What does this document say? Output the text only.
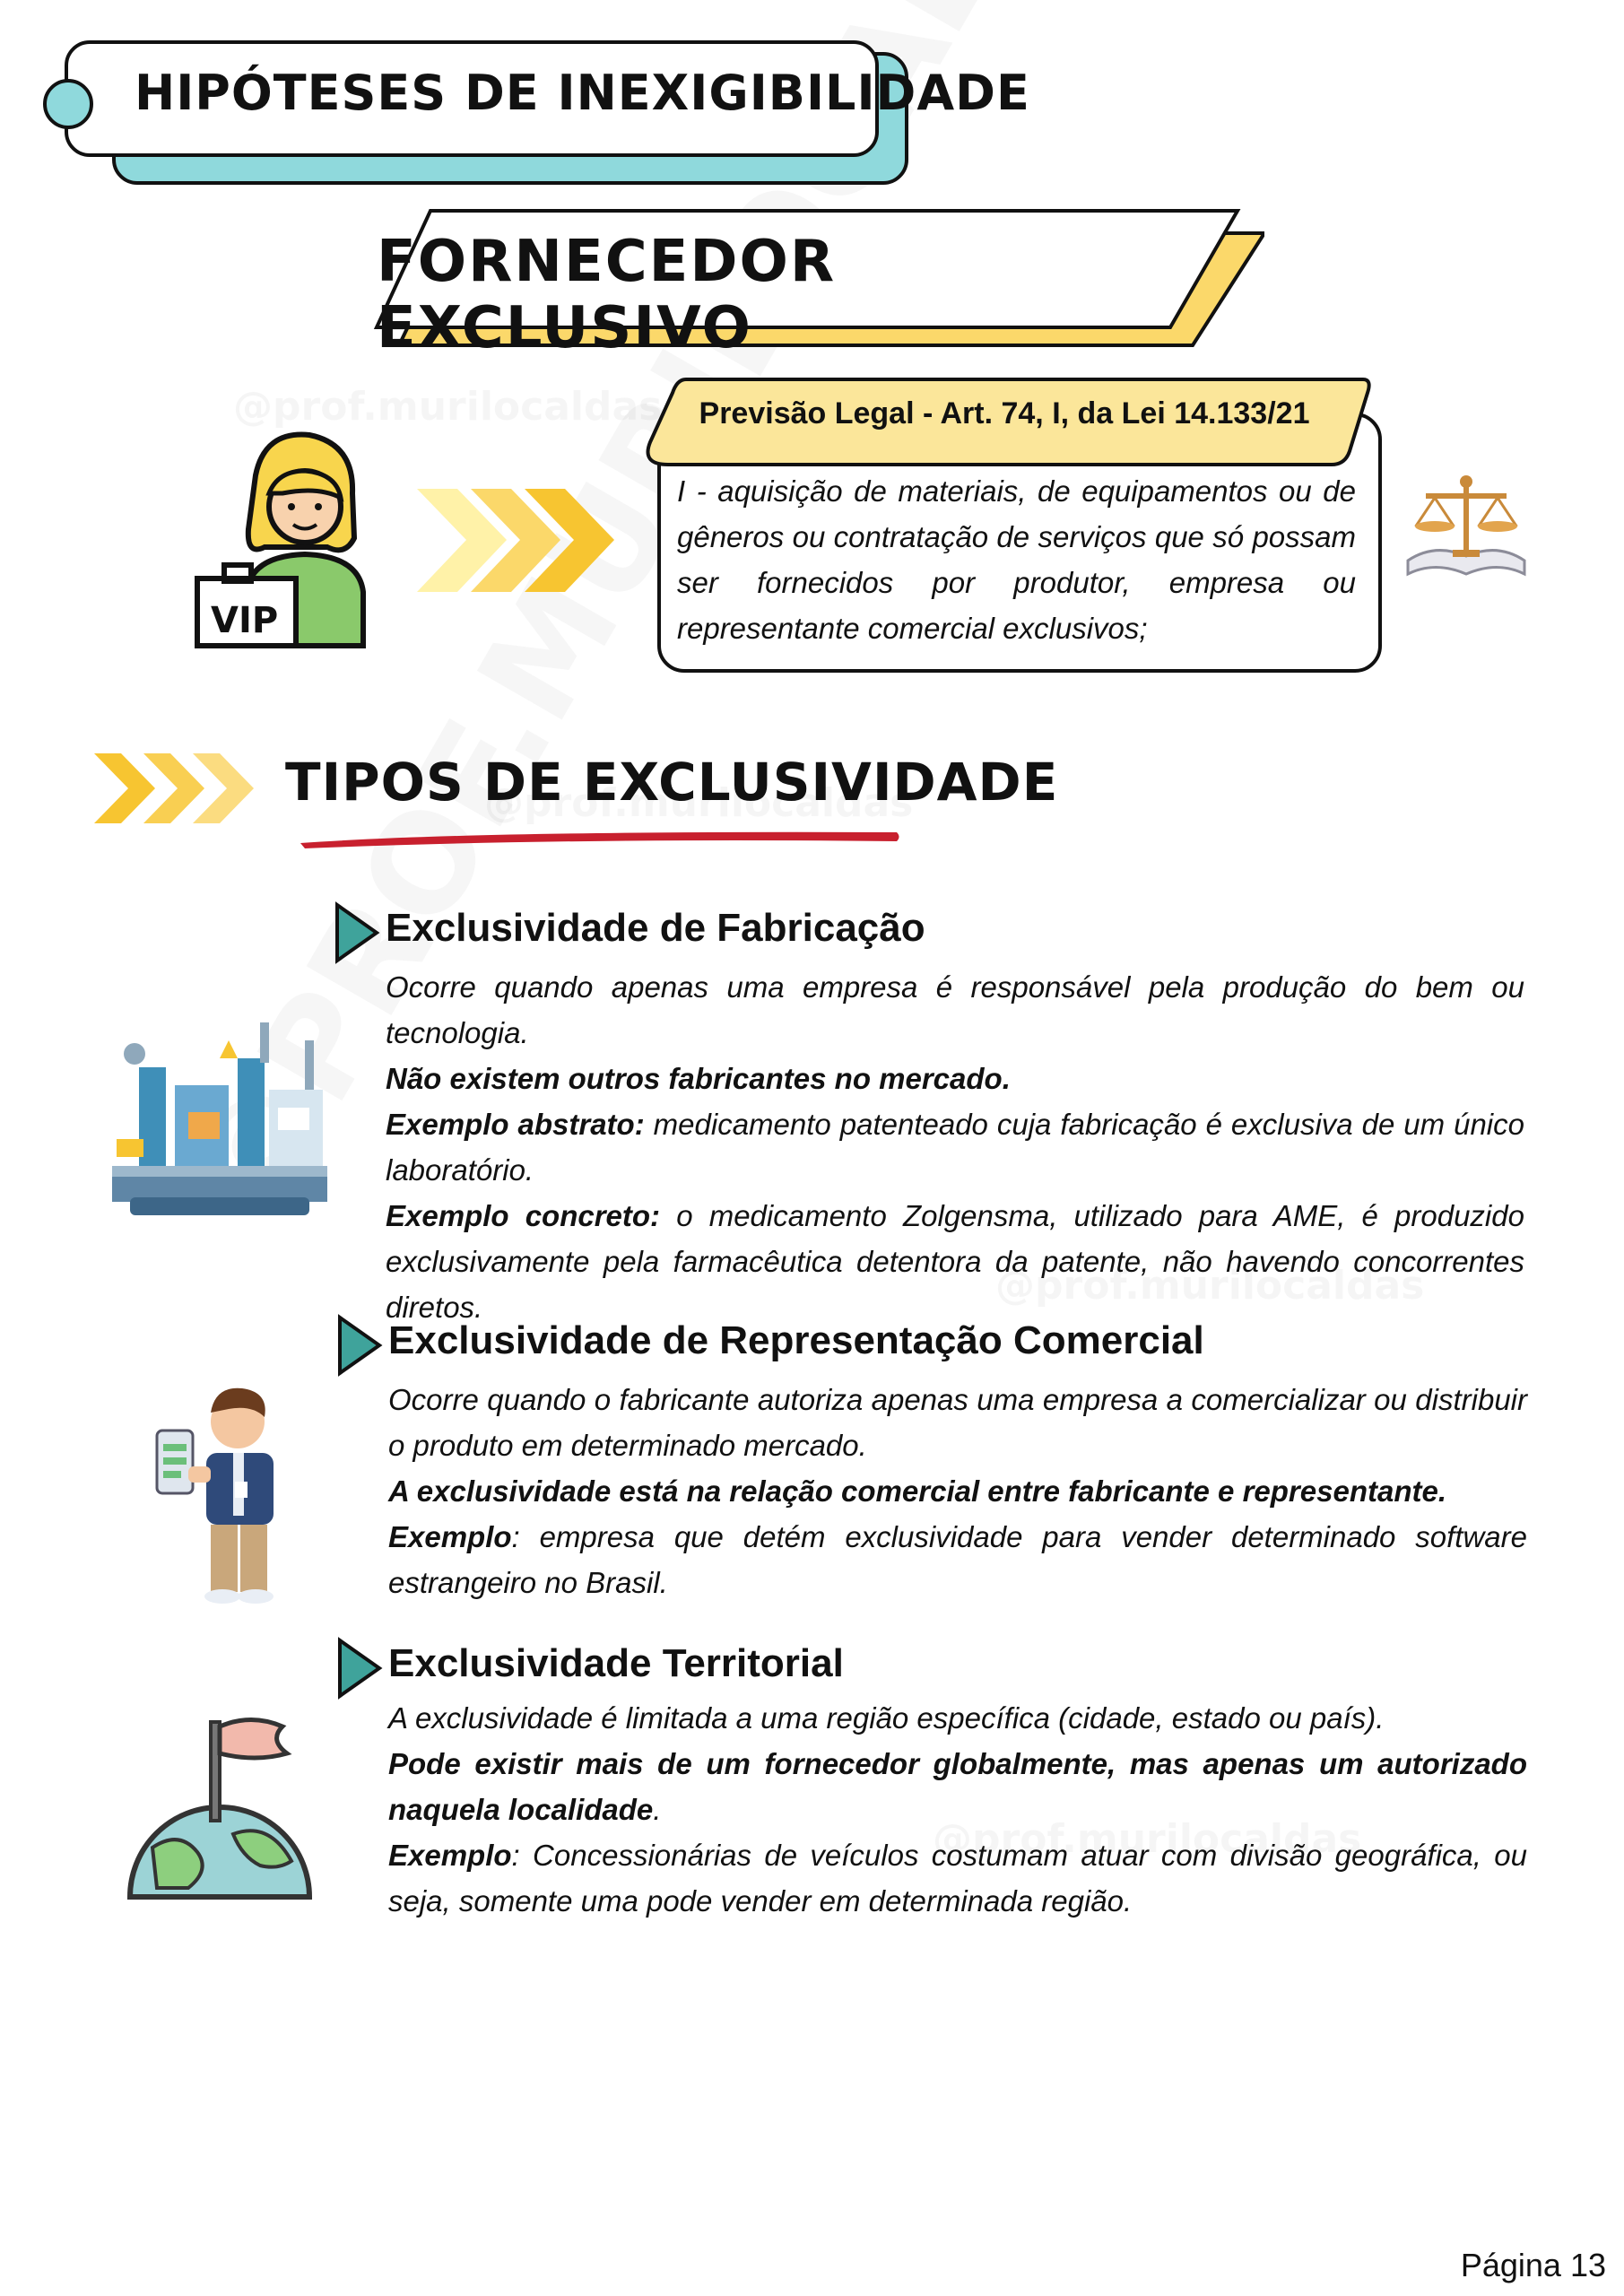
HIPÓTESES DE INEXIGIBILIDADE
FORNECEDOR EXCLUSIVO
VIP
Previsão Legal - Art. 74, I, da Lei 14.133/21
I - aquisição de materiais, de equipamentos ou de gêneros ou contratação de serviços que só possam ser fornecidos por produtor, empresa ou representante comercial exclusivos;
TIPOS DE EXCLUSIVIDADE
Exclusividade de Fabricação
Ocorre quando apenas uma empresa é responsável pela produção do bem ou tecnologia.
Não existem outros fabricantes no mercado.
Exemplo abstrato: medicamento patenteado cuja fabricação é exclusiva de um único laboratório.
Exemplo concreto: o medicamento Zolgensma, utilizado para AME, é produzido exclusivamente pela farmacêutica detentora da patente, não havendo concorrentes diretos.
Exclusividade de Representação Comercial
Ocorre quando o fabricante autoriza apenas uma empresa a comercializar ou distribuir o produto em determinado mercado.
A exclusividade está na relação comercial entre fabricante e representante.
Exemplo: empresa que detém exclusividade para vender determinado software estrangeiro no Brasil.
Exclusividade Territorial
A exclusividade é limitada a uma região específica (cidade, estado ou país).
Pode existir mais de um fornecedor globalmente, mas apenas um autorizado naquela localidade.
Exemplo: Concessionárias de veículos costumam atuar com divisão geográfica, ou seja, somente uma pode vender em determinada região.
Página 13
